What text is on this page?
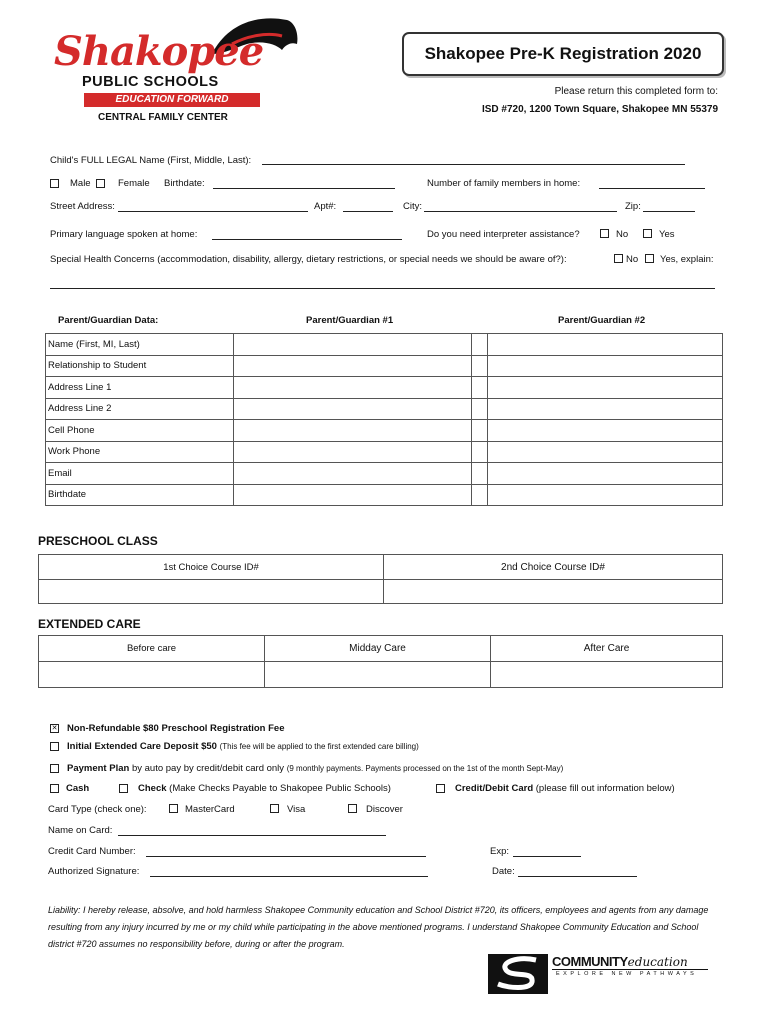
Shakopee
PUBLIC SCHOOLS
EDUCATION FORWARD
CENTRAL FAMILY CENTER
Shakopee Pre-K Registration 2020
Please return this completed form to:
ISD #720, 1200 Town Square, Shakopee MN 55379
Child's FULL LEGAL Name (First, Middle, Last):
Male	Female Birthdate:	Number of family members in home:
Street Address:	Apt#:	City:	Zip:
Primary language spoken at home:	Do you need interpreter assistance?	No	Yes
Special Health Concerns (accommodation, disability, allergy, dietary restrictions, or special needs we should be aware of?):	No Yes, explain:
Parent/Guardian Data:	Parent/Guardian #1	Parent/Guardian #2
Name (First, MI, Last)			
Relationship to Student			
Address Line 1			
Address Line 2			
Cell Phone			
Work Phone			
Email			
Birthdate			
PRESCHOOL CLASS
1st Choice Course ID#	2nd Choice Course ID#

EXTENDED CARE
Before care	Midday Care	After Care

✕ Non-Refundable $80 Preschool Registration Fee
Initial Extended Care Deposit $50 (This fee will be applied to the first extended care billing)
Payment Plan by auto pay by credit/debit card only (9 monthly payments. Payments processed on the 1st of the month Sept-May)
Cash	Check (Make Checks Payable to Shakopee Public Schools)	Credit/Debit Card (please fill out information below)
Card Type (check one):	MasterCard	Visa	Discover
Name on Card:
Credit Card Number:	Exp:
Authorized Signature:	Date:
Liability: I hereby release, absolve, and hold harmless Shakopee Community education and School District #720, its officers, employees and agents from any damage resulting from any injury incurred by me or my child while participating in the above mentioned programs. I understand Shakopee Community Education and School district #720 assumes no responsibility before, during or after the program.
COMMUNITYeducation
EXPLORE NEW PATHWAYS
